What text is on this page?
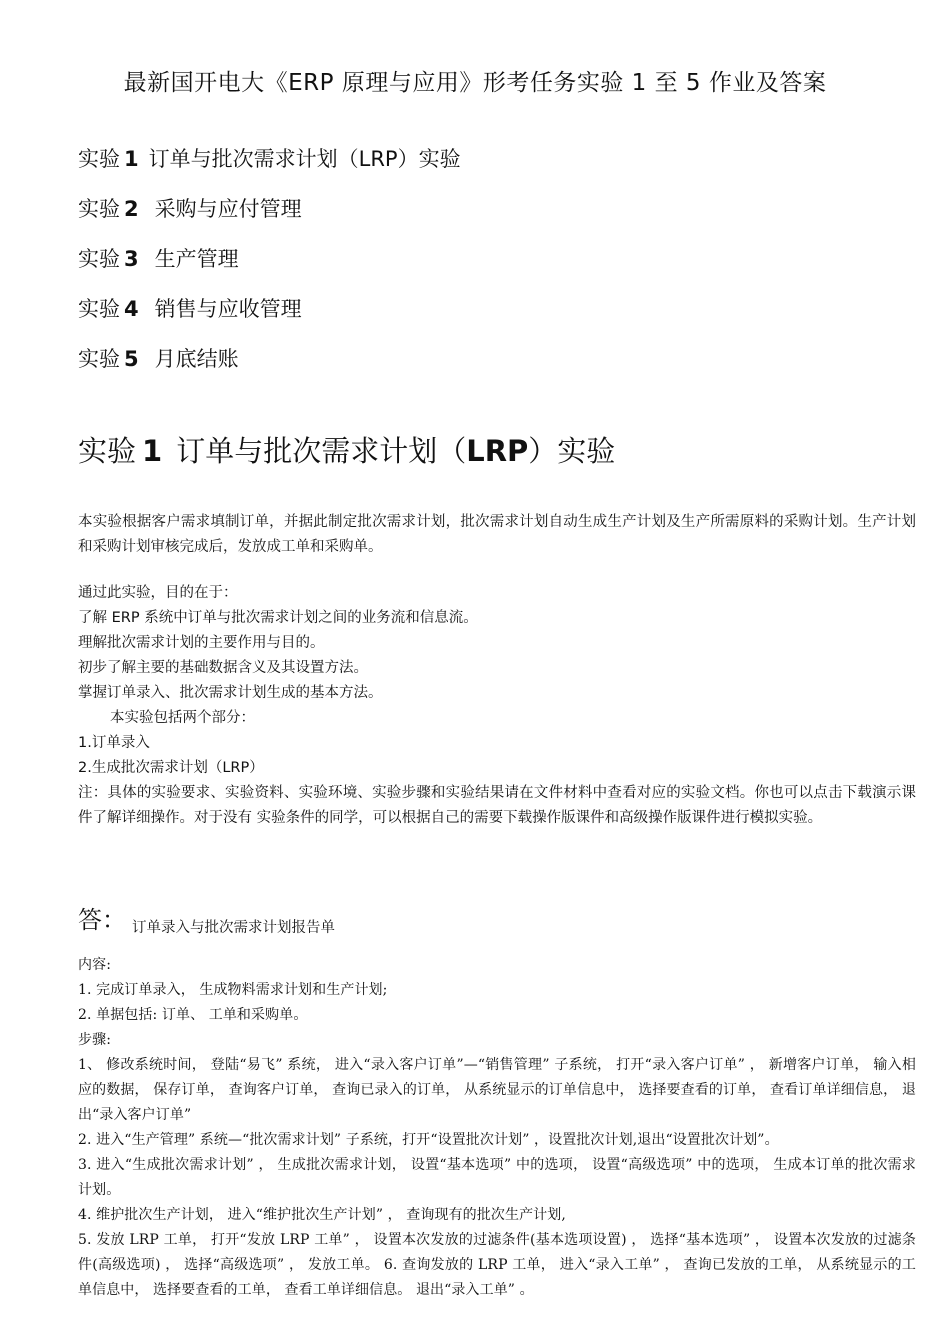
最新国开电大《ERP 原理与应用》形考任务实验 1 至 5 作业及答案
实验 1 订单与批次需求计划（LRP）实验
实验 2 采购与应付管理
实验 3 生产管理
实验 4 销售与应收管理
实验 5 月底结账
实验 1 订单与批次需求计划（LRP）实验

本实验根据客户需求填制订单，并据此制定批次需求计划，批次需求计划自动生成生产计划及生产所需原料的采购计划。生产计划和采购计划审核完成后，发放成工单和采购单。

通过此实验，目的在于：

了解 ERP 系统中订单与批次需求计划之间的业务流和信息流。

理解批次需求计划的主要作用与目的。

初步了解主要的基础数据含义及其设置方法。

掌握订单录入、批次需求计划生成的基本方法。

本实验包括两个部分：

1.订单录入

2.生成批次需求计划（LRP）

注：具体的实验要求、实验资料、实验环境、实验步骤和实验结果请在文件材料中查看对应的实验文档。你也可以点击下载演示课件了解详细操作。对于没有 实验条件的同学，可以根据自己的需要下载操作版课件和高级操作版课件进行模拟实验。

答： 订单录入与批次需求计划报告单

内容:

1. 完成订单录入， 生成物料需求计划和生产计划;

2. 单据包括: 订单、 工单和采购单。

步骤:

1、 修改系统时间， 登陆“易飞” 系统， 进入“录入客户订单”—“销售管理” 子系统， 打开“录入客户订单” ， 新增客户订单， 输入相应的数据， 保存订单， 查询客户订单， 查询已录入的订单， 从系统显示的订单信息中， 选择要查看的订单， 查看订单详细信息， 退出“录入客户订单”

2. 进入“生产管理” 系统—“批次需求计划” 子系统，打开“设置批次计划” ，设置批次计划,退出“设置批次计划”。

3. 进入“生成批次需求计划” ， 生成批次需求计划， 设置“基本选项” 中的选项， 设置“高级选项” 中的选项， 生成本订单的批次需求计划。

4. 维护批次生产计划， 进入“维护批次生产计划” ， 查询现有的批次生产计划,

5. 发放 LRP 工单， 打开“发放 LRP 工单” ， 设置本次发放的过滤条件(基本选项设置) ， 选择“基本选项” ， 设置本次发放的过滤条件(高级选项) ， 选择“高级选项” ， 发放工单。 6. 查询发放的 LRP 工单， 进入“录入工单” ， 查询已发放的工单， 从系统显示的工单信息中， 选择要查看的工单， 查看工单详细信息。 退出“录入工单” 。
